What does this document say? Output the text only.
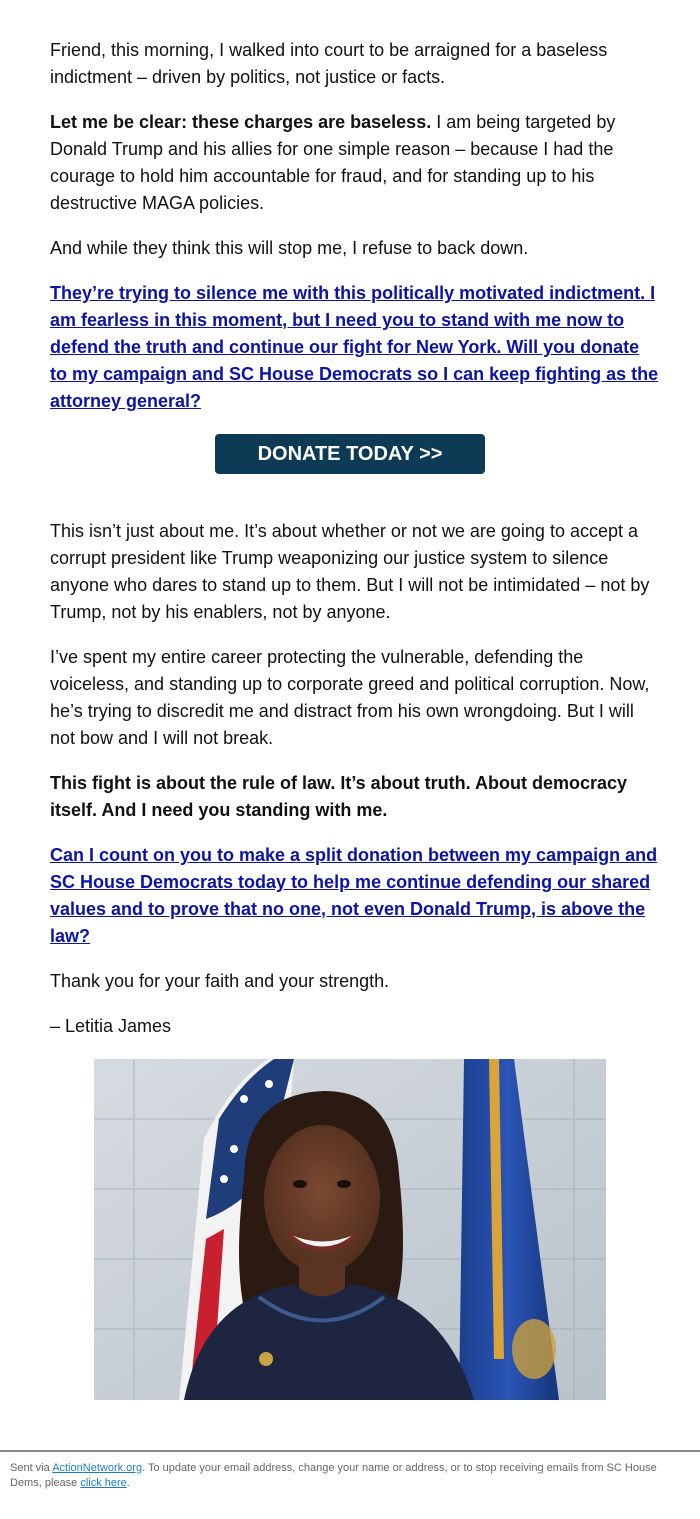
Friend, this morning, I walked into court to be arraigned for a baseless indictment – driven by politics, not justice or facts.

Let me be clear: these charges are baseless. I am being targeted by Donald Trump and his allies for one simple reason – because I had the courage to hold him accountable for fraud, and for standing up to his destructive MAGA policies.

And while they think this will stop me, I refuse to back down.

They’re trying to silence me with this politically motivated indictment. I am fearless in this moment, but I need you to stand with me now to defend the truth and continue our fight for New York. Will you donate to my campaign and SC House Democrats so I can keep fighting as the attorney general?

DONATE TODAY >>

This isn’t just about me. It’s about whether or not we are going to accept a corrupt president like Trump weaponizing our justice system to silence anyone who dares to stand up to them. But I will not be intimidated – not by Trump, not by his enablers, not by anyone.

I’ve spent my entire career protecting the vulnerable, defending the voiceless, and standing up to corporate greed and political corruption. Now, he’s trying to discredit me and distract from his own wrongdoing. But I will not bow and I will not break.

This fight is about the rule of law. It’s about truth. About democracy itself. And I need you standing with me.

Can I count on you to make a split donation between my campaign and SC House Democrats today to help me continue defending our shared values and to prove that no one, not even Donald Trump, is above the law?

Thank you for your faith and your strength.

– Letitia James

Sent via ActionNetwork.org. To update your email address, change your name or address, or to stop receiving emails from SC House Dems, please click here.
